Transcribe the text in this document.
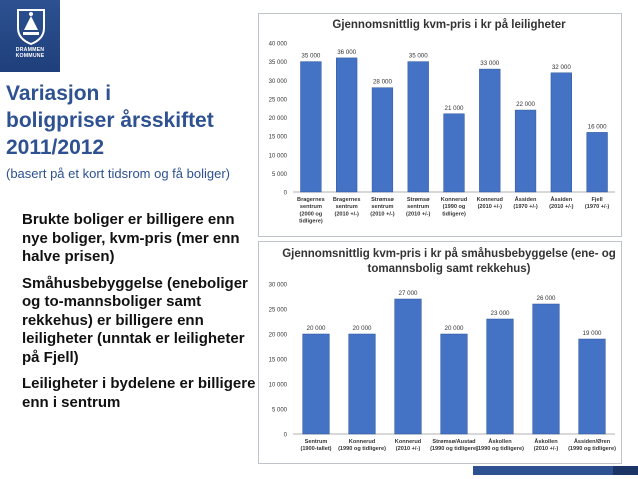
DRAMMEN
KOMMUNE
Variasjon i
boligpriser årsskiftet
2011/2012
(basert på et kort tidsrom og få boliger)
Brukte boliger er billigere enn nye boliger, kvm-pris (mer enn halve prisen)
Småhusbebyggelse (eneboliger og to-mannsboliger samt rekkehus) er billigere enn leiligheter (unntak er leiligheter på Fjell)
Leiligheter i bydelene er billigere enn i sentrum
Gjennomsnittlig kvm-pris i kr på leiligheter
0
5 000
10 000
15 000
20 000
25 000
30 000
35 000
40 000
35 000
Bragernes
sentrum
(2000 og
tidligere)
36 000
Bragernes
sentrum
(2010 +/-)
28 000
Strømsø
sentrum
(2010 +/-)
35 000
Strømsø
sentrum
(2010 +/-)
21 000
Konnerud
(1990 og
tidligere)
33 000
Konnerud
(2010 +/-)
22 000
Åssiden
(1970 +/-)
32 000
Åssiden
(2010 +/-)
16 000
Fjell
(1970 +/-)
Gjennomsnittlig kvm-pris i kr på småhusbebyggelse (ene- og
tomannsbolig samt rekkehus)
0
5 000
10 000
15 000
20 000
25 000
30 000
20 000
Sentrum
(1900-tallet)
20 000
Konnerud
(1990 og tidligere)
27 000
Konnerud
(2010 +/-)
20 000
Strømsø/Austad
(1990 og tidligere)
23 000
Åskollen
(1990 og tidligere)
26 000
Åskollen
(2010 +/-)
19 000
Åssiden/Øren
(1990 og tidligere)
